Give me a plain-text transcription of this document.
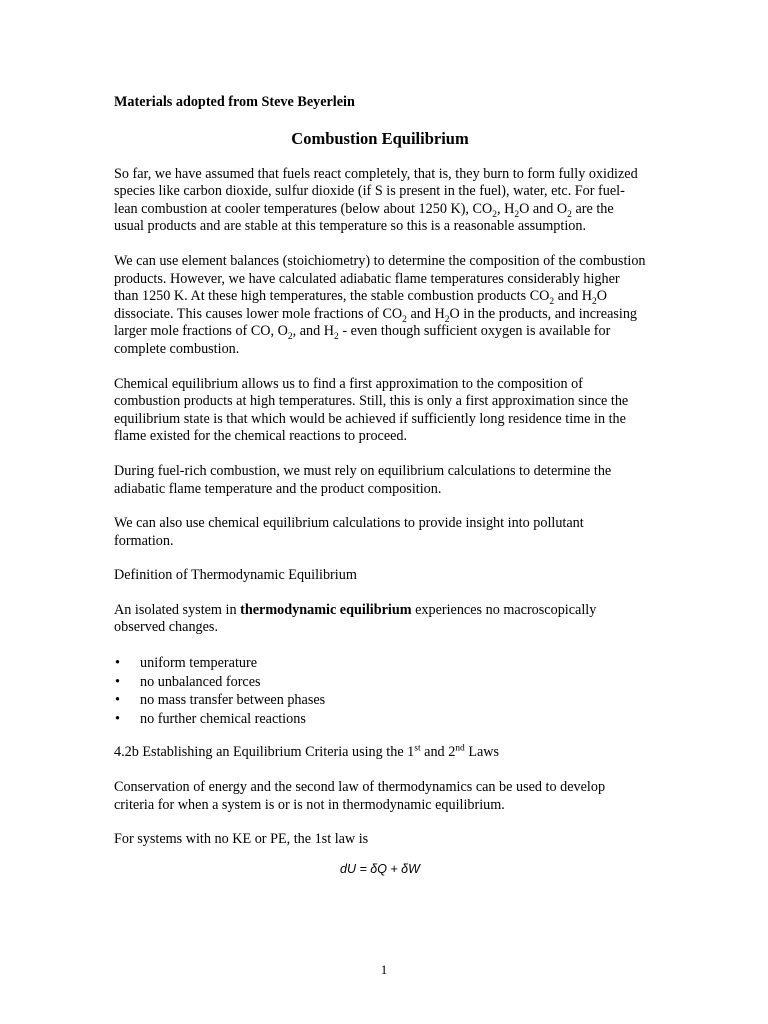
Materials adopted from Steve Beyerlein

Combustion Equilibrium

So far, we have assumed that fuels react completely, that is, they burn to form fully oxidized species like carbon dioxide, sulfur dioxide (if S is present in the fuel), water, etc. For fuel-lean combustion at cooler temperatures (below about 1250 K), $CO_2$, $H_2O$ and $O_2$ are the usual products and are stable at this temperature so this is a reasonable assumption.

We can use element balances (stoichiometry) to determine the composition of the combustion products. However, we have calculated adiabatic flame temperatures considerably higher than 1250 K. At these high temperatures, the stable combustion products $CO_2$ and $H_2O$ dissociate. This causes lower mole fractions of $CO_2$ and $H_2O$ in the products, and increasing larger mole fractions of CO, $O_2$, and $H_2$ - even though sufficient oxygen is available for complete combustion.

Chemical equilibrium allows us to find a first approximation to the composition of combustion products at high temperatures. Still, this is only a first approximation since the equilibrium state is that which would be achieved if sufficiently long residence time in the flame existed for the chemical reactions to proceed.

During fuel-rich combustion, we must rely on equilibrium calculations to determine the adiabatic flame temperature and the product composition.

We can also use chemical equilibrium calculations to provide insight into pollutant formation.

Definition of Thermodynamic Equilibrium

An isolated system in thermodynamic equilibrium experiences no macroscopically observed changes.

• uniform temperature
• no unbalanced forces
• no mass transfer between phases
• no further chemical reactions

4.2b Establishing an Equilibrium Criteria using the 1st and 2nd Laws

Conservation of energy and the second law of thermodynamics can be used to develop criteria for when a system is or is not in thermodynamic equilibrium.

For systems with no KE or PE, the 1st law is

dU = δQ + δW

1
